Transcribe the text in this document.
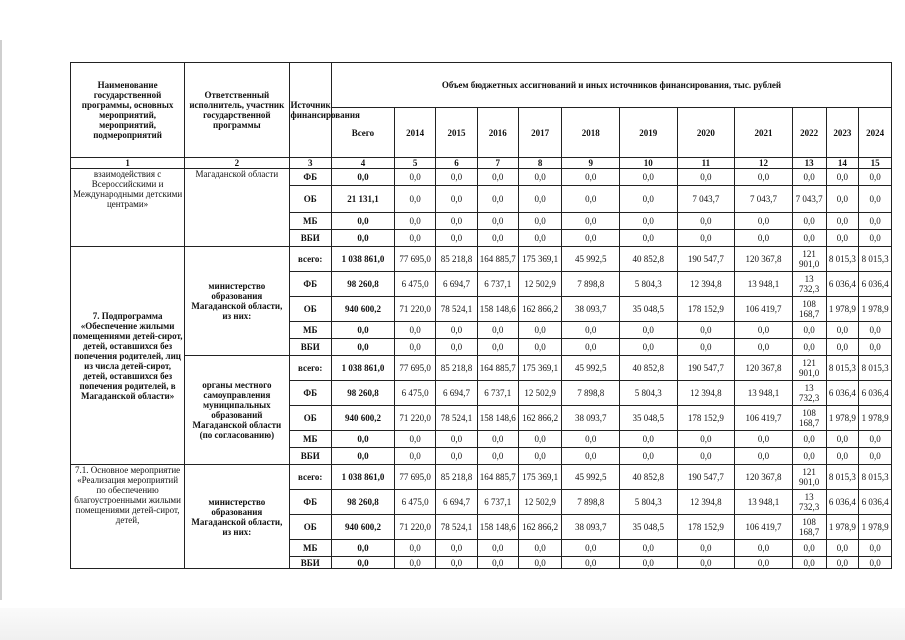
Наименование государственной программы, основных мероприятий, мероприятий, подмероприятий	Ответственный исполнитель, участник государственной программы	Источник финансирования	Объем бюджетных ассигнований и иных источников финансирования, тыс. рублей											
			Всего	2014	2015	2016	2017	2018	2019	2020	2021	2022	2023	2024
1	2	3	4	5	6	7	8	9	10	11	12	13	14	15
взаимодействия с Всероссийскими и Международными детскими центрами»	Магаданской области	ФБ	0,0	0,0	0,0	0,0	0,0	0,0	0,0	0,0	0,0	0,0	0,0	0,0
		ОБ	21 131,1	0,0	0,0	0,0	0,0	0,0	0,0	7 043,7	7 043,7	7 043,7	0,0	0,0
		МБ	0,0	0,0	0,0	0,0	0,0	0,0	0,0	0,0	0,0	0,0	0,0	0,0
		ВБИ	0,0	0,0	0,0	0,0	0,0	0,0	0,0	0,0	0,0	0,0	0,0	0,0
7. Подпрограмма «Обеспечение жилыми помещениями детей-сирот, детей, оставшихся без попечения родителей, лиц из числа детей-сирот, детей, оставшихся без попечения родителей, в Магаданской области»	министерство образования Магаданской области, из них:	всего:	1 038 861,0	77 695,0	85 218,8	164 885,7	175 369,1	45 992,5	40 852,8	190 547,7	120 367,8	121 901,0	8 015,3	8 015,3
		ФБ	98 260,8	6 475,0	6 694,7	6 737,1	12 502,9	7 898,8	5 804,3	12 394,8	13 948,1	13 732,3	6 036,4	6 036,4
		ОБ	940 600,2	71 220,0	78 524,1	158 148,6	162 866,2	38 093,7	35 048,5	178 152,9	106 419,7	108 168,7	1 978,9	1 978,9
		МБ	0,0	0,0	0,0	0,0	0,0	0,0	0,0	0,0	0,0	0,0	0,0	0,0
		ВБИ	0,0	0,0	0,0	0,0	0,0	0,0	0,0	0,0	0,0	0,0	0,0	0,0
	органы местного самоуправления муниципальных образований Магаданской области (по согласованию)	всего:	1 038 861,0	77 695,0	85 218,8	164 885,7	175 369,1	45 992,5	40 852,8	190 547,7	120 367,8	121 901,0	8 015,3	8 015,3
		ФБ	98 260,8	6 475,0	6 694,7	6 737,1	12 502,9	7 898,8	5 804,3	12 394,8	13 948,1	13 732,3	6 036,4	6 036,4
		ОБ	940 600,2	71 220,0	78 524,1	158 148,6	162 866,2	38 093,7	35 048,5	178 152,9	106 419,7	108 168,7	1 978,9	1 978,9
		МБ	0,0	0,0	0,0	0,0	0,0	0,0	0,0	0,0	0,0	0,0	0,0	0,0
		ВБИ	0,0	0,0	0,0	0,0	0,0	0,0	0,0	0,0	0,0	0,0	0,0	0,0
7.1. Основное мероприятие «Реализация мероприятий по обеспечению благоустроенными жилыми помещениями детей-сирот, детей,	министерство образования Магаданской области, из них:	всего:	1 038 861,0	77 695,0	85 218,8	164 885,7	175 369,1	45 992,5	40 852,8	190 547,7	120 367,8	121 901,0	8 015,3	8 015,3
		ФБ	98 260,8	6 475,0	6 694,7	6 737,1	12 502,9	7 898,8	5 804,3	12 394,8	13 948,1	13 732,3	6 036,4	6 036,4
		ОБ	940 600,2	71 220,0	78 524,1	158 148,6	162 866,2	38 093,7	35 048,5	178 152,9	106 419,7	108 168,7	1 978,9	1 978,9
		МБ	0,0	0,0	0,0	0,0	0,0	0,0	0,0	0,0	0,0	0,0	0,0	0,0
		ВБИ	0,0	0,0	0,0	0,0	0,0	0,0	0,0	0,0	0,0	0,0	0,0	0,0
